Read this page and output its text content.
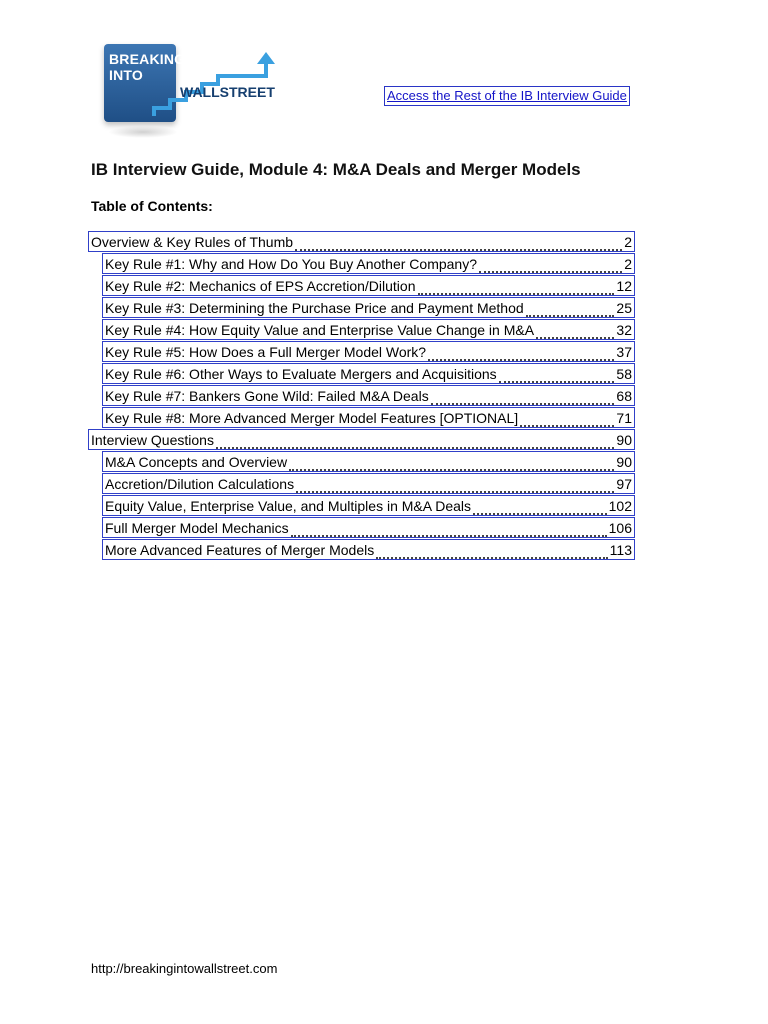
BREAKING
INTO
WALLSTREET	Access the Rest of the IB Interview Guide
IB Interview Guide, Module 4: M&A Deals and Merger Models
Table of Contents:
Overview & Key Rules of Thumb	2
Key Rule #1: Why and How Do You Buy Another Company?	2
Key Rule #2: Mechanics of EPS Accretion/Dilution	12
Key Rule #3: Determining the Purchase Price and Payment Method	25
Key Rule #4: How Equity Value and Enterprise Value Change in M&A	32
Key Rule #5: How Does a Full Merger Model Work?	37
Key Rule #6: Other Ways to Evaluate Mergers and Acquisitions	58
Key Rule #7: Bankers Gone Wild: Failed M&A Deals	68
Key Rule #8: More Advanced Merger Model Features [OPTIONAL]	71
Interview Questions	90
M&A Concepts and Overview	90
Accretion/Dilution Calculations	97
Equity Value, Enterprise Value, and Multiples in M&A Deals	102
Full Merger Model Mechanics	106
More Advanced Features of Merger Models	113
http://breakingintowallstreet.com
